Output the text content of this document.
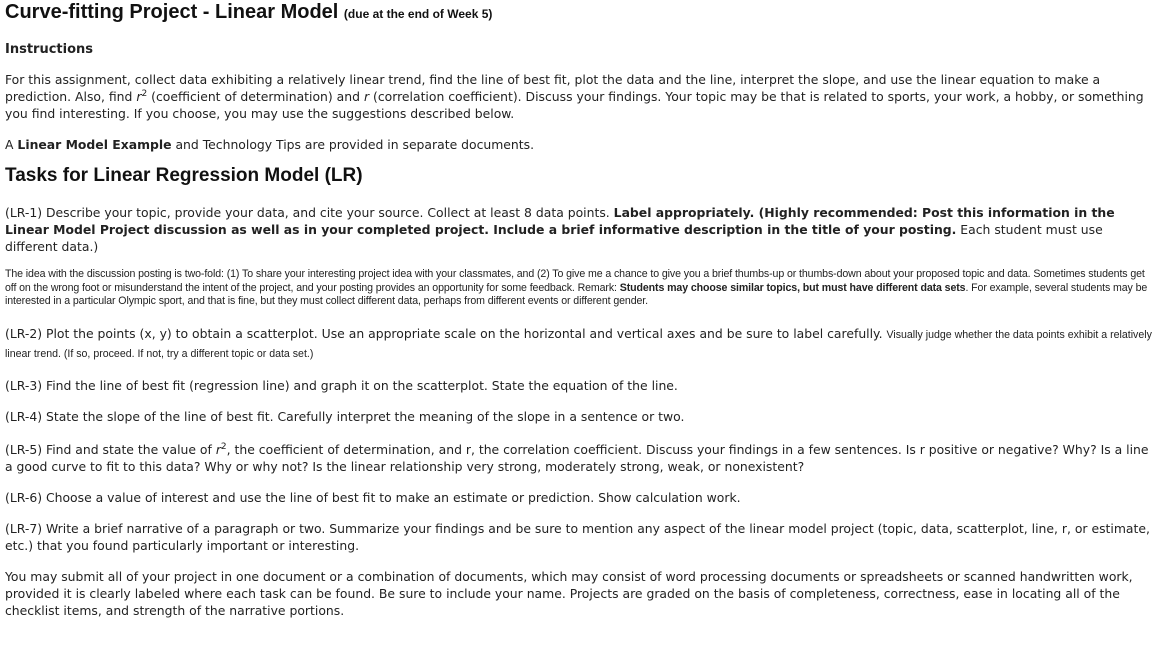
Curve-fitting Project - Linear Model (due at the end of Week 5)
Instructions

For this assignment, collect data exhibiting a relatively linear trend, find the line of best fit, plot the data and the line, interpret the slope, and use the linear equation to make a prediction. Also, find $r^2$ (coefficient of determination) and r (correlation coefficient). Discuss your findings. Your topic may be that is related to sports, your work, a hobby, or something you find interesting. If you choose, you may use the suggestions described below.

A Linear Model Example and Technology Tips are provided in separate documents.

Tasks for Linear Regression Model (LR)

(LR-1) Describe your topic, provide your data, and cite your source. Collect at least 8 data points. Label appropriately. (Highly recommended: Post this information in the Linear Model Project discussion as well as in your completed project. Include a brief informative description in the title of your posting. Each student must use different data.)

The idea with the discussion posting is two-fold: (1) To share your interesting project idea with your classmates, and (2) To give me a chance to give you a brief thumbs-up or thumbs-down about your proposed topic and data. Sometimes students get off on the wrong foot or misunderstand the intent of the project, and your posting provides an opportunity for some feedback. Remark: Students may choose similar topics, but must have different data sets. For example, several students may be interested in a particular Olympic sport, and that is fine, but they must collect different data, perhaps from different events or different gender.

(LR-2) Plot the points (x, y) to obtain a scatterplot. Use an appropriate scale on the horizontal and vertical axes and be sure to label carefully. Visually judge whether the data points exhibit a relatively linear trend. (If so, proceed. If not, try a different topic or data set.)

(LR-3) Find the line of best fit (regression line) and graph it on the scatterplot. State the equation of the line.

(LR-4) State the slope of the line of best fit. Carefully interpret the meaning of the slope in a sentence or two.

(LR-5) Find and state the value of $r^2$, the coefficient of determination, and r, the correlation coefficient. Discuss your findings in a few sentences. Is r positive or negative? Why? Is a line a good curve to fit to this data? Why or why not? Is the linear relationship very strong, moderately strong, weak, or nonexistent?

(LR-6) Choose a value of interest and use the line of best fit to make an estimate or prediction. Show calculation work.

(LR-7) Write a brief narrative of a paragraph or two. Summarize your findings and be sure to mention any aspect of the linear model project (topic, data, scatterplot, line, r, or estimate, etc.) that you found particularly important or interesting.

You may submit all of your project in one document or a combination of documents, which may consist of word processing documents or spreadsheets or scanned handwritten work, provided it is clearly labeled where each task can be found. Be sure to include your name. Projects are graded on the basis of completeness, correctness, ease in locating all of the checklist items, and strength of the narrative portions.
